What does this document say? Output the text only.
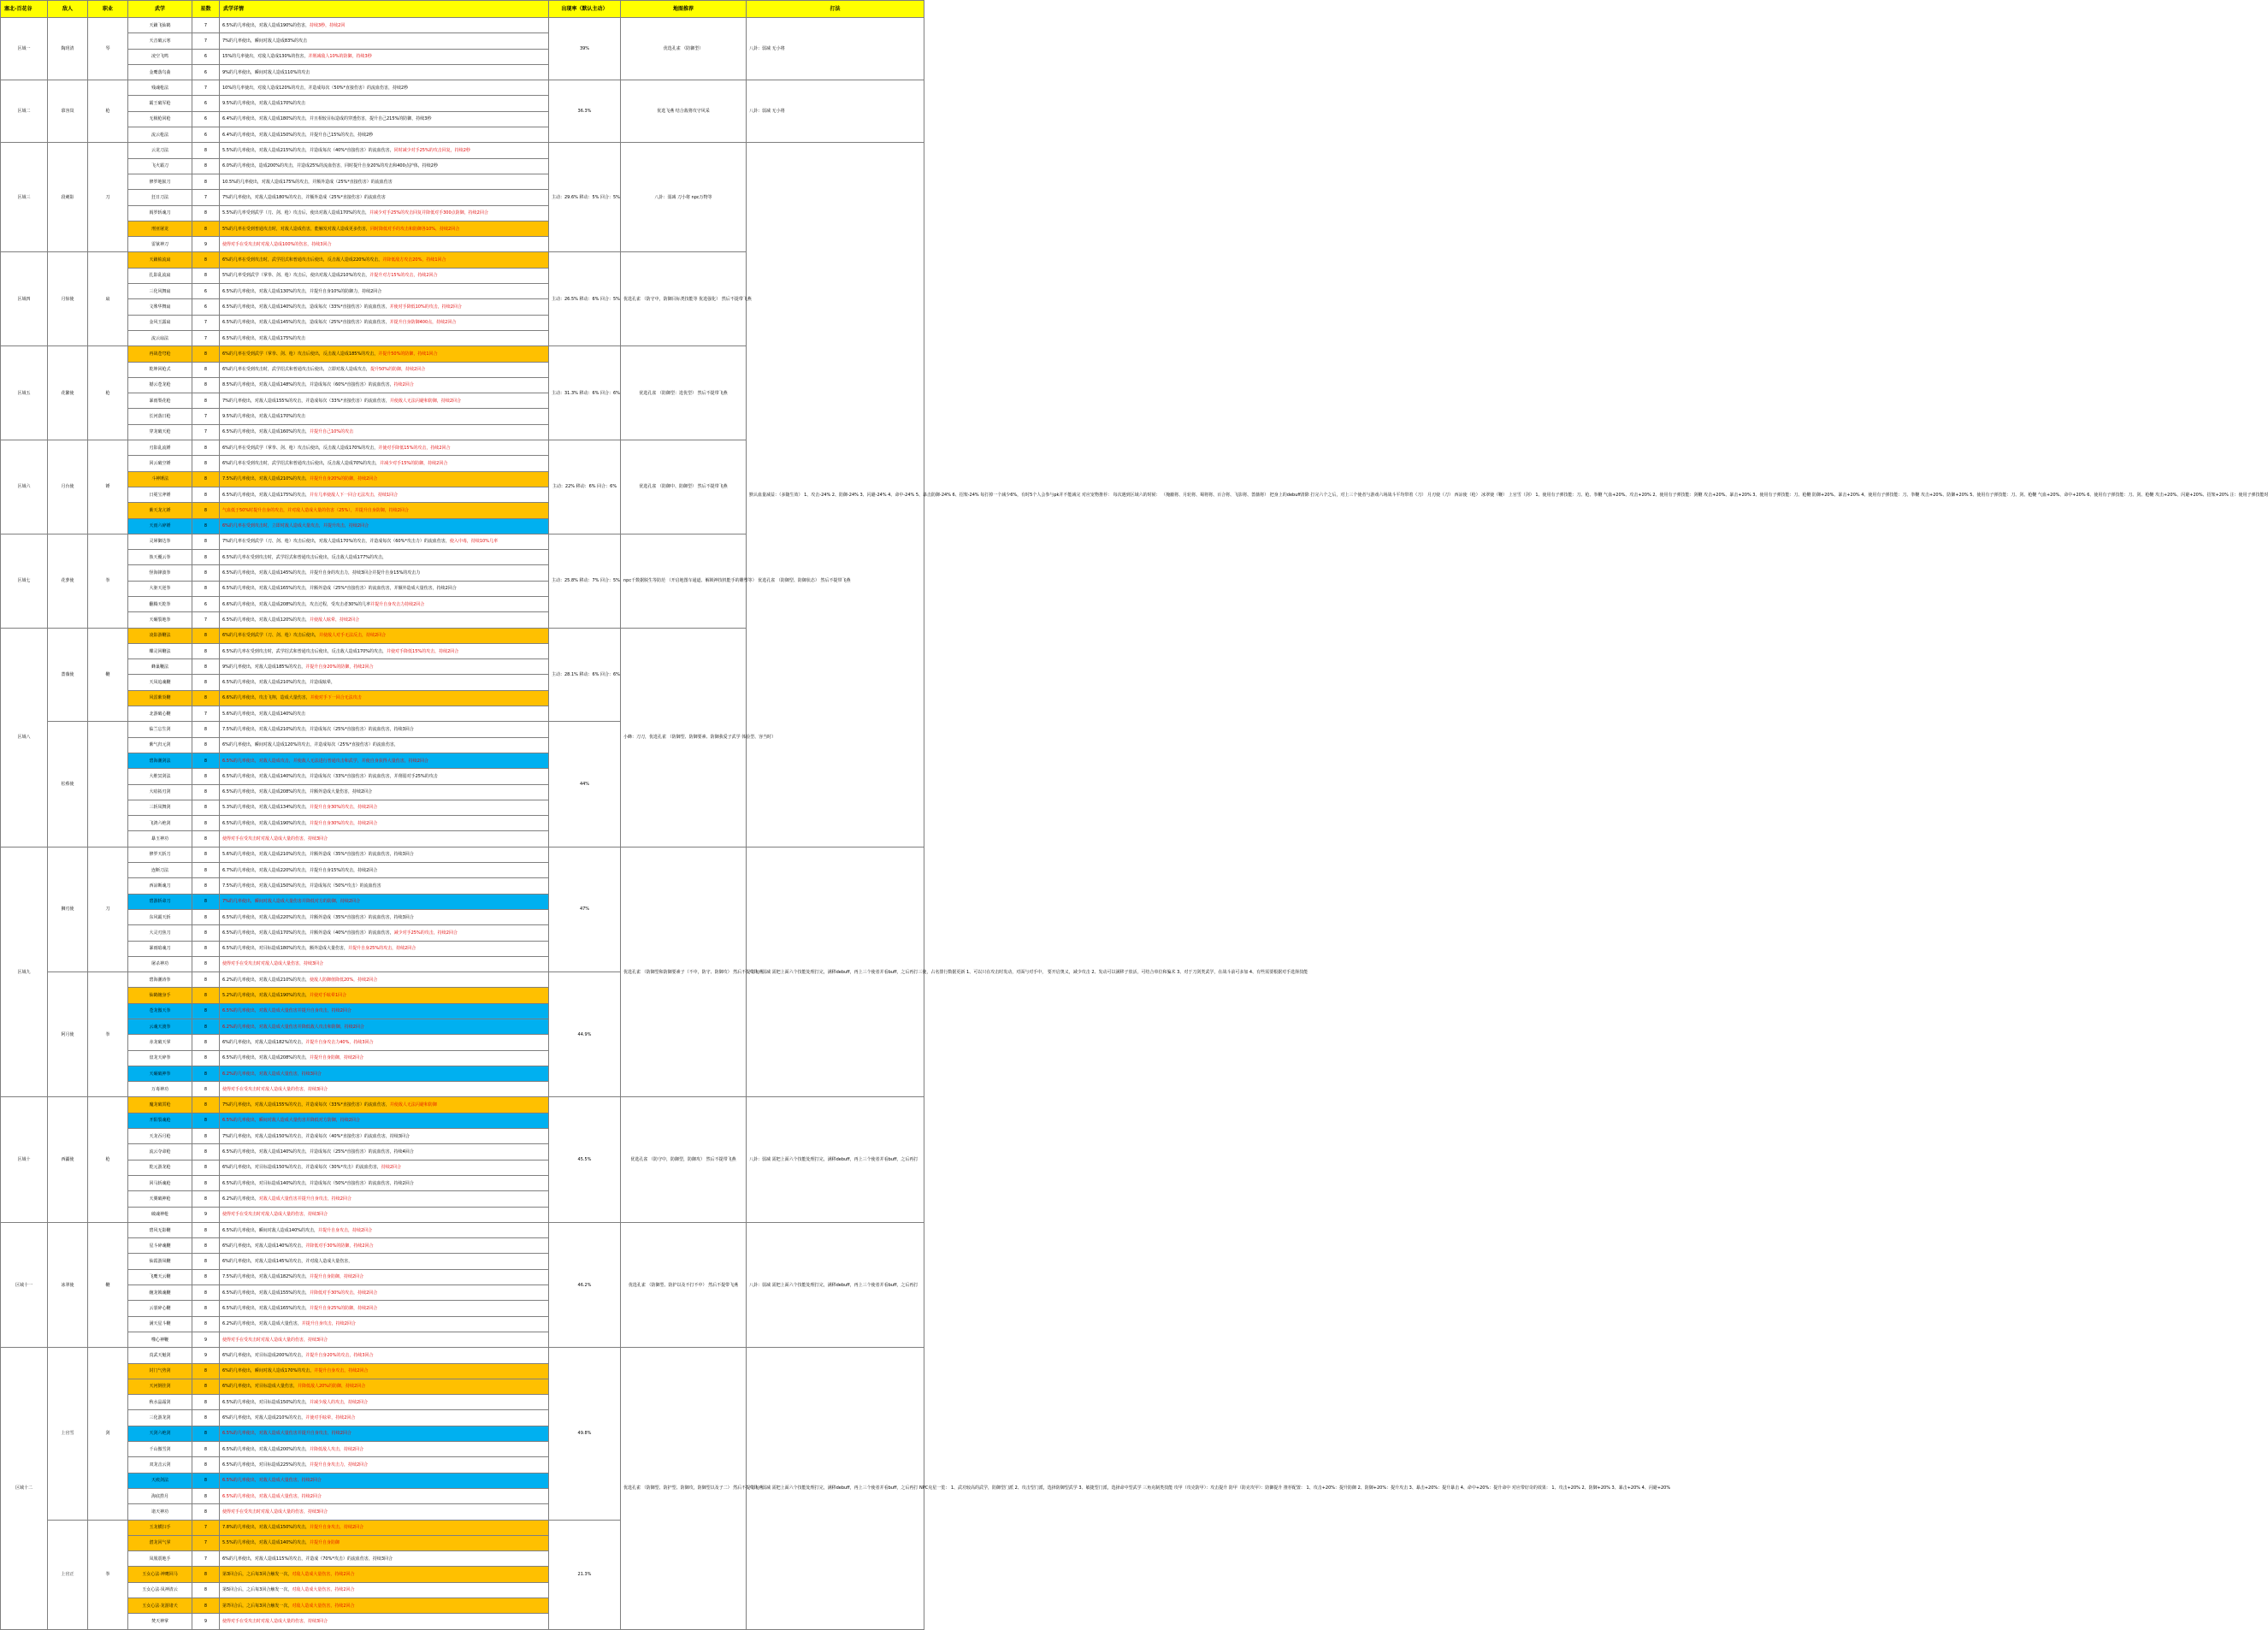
塞北-百花谷	敌人	职业	武学	星数	武学详情	出现率（默认主动）	地图推荐	打法
区域一	陶玥清	琴	天籁飞仙鹤	7	6.5%的几率使出，对敌人造成190%的伤害，持续3秒，持续2回	39%	优选孔雀 （防御型）	八卦：弱减 无小将
			天音破云寒	7	7%的几率使出，瞬间对敌人造成83%的攻击			
			凌空飞鸣	6	15%的几率使出，对敌人造成130%的伤害，并削减敌人10%的防御，持续3秒			
			金鹰落鸟曲	6	9%的几率使出，瞬间对敌人造成110%的攻击			
区域二	慕容岚	枪	残魂枪法	7	10%的几率使出，对敌人造成120%的攻击，并造成每次（50%*直接伤害）的流血伤害，持续2秒	36.3%	优选飞燕 结合敌将攻守风采	八卦：弱减 无小将
			霸王破军枪	6	9.5%的几率使出，对敌人造成170%的攻击			
			无极枪回枪	6	6.4%的几率使出，对敌人造成180%的攻击，并且相较目标造成的穿透伤害，提升自己215%的防御，持续3秒			
			流云枪法	6	6.4%的几率使出，对敌人造成150%的攻击，并提升自己15%的攻击，持续2秒			
区域三	段刺影	刀	云龙刀法	8	5.5%的几率使出，对敌人造成215%的攻击，并造成每次（40%*直接伤害）的流血伤害，同时减少对手25%的攻击回复，持续2秒	主动：29.6% 移动：5% 回合：5%	八卦：弱减 刀小将 npc万物等	默认血量减益：（多随生效） 1、攻击-24% 2、防御-24% 3、闪避-24% 4、命中-24% 5、暴击防御-24% 6、招架-24% 每打掉一个减少6%，有时5个人会参与pk并不能减完 对应宠物推荐： 每次遇到区域六的时候： （掩蔽将、月轮将、蜀将将、百合将、飞影将、蔷薇将） 把身上的debuff清除 打完六个之后，对上三个使者与游戏六场战斗平均带着（刀） 月刃使（刀） 西凉使（枪） 冰翠使（鞭） 上官雪（剑） 1、使用有子弹技能：刀、枪、拳鞭 气血+20%、攻击+20% 2、使用有子弹技能：剑鞭 攻击+20%、暴击+20% 3、使用有子弹技能：刀、枪鞭 防御+20%、暴击+20% 4、使用有子弹技能：刀、拳鞭 攻击+20%、防御+20% 5、使用有子弹技能：刀、剑、枪鞭 气血+20%、命中+20% 6、使用有子弹技能：刀、剑、枪鞭 攻击+20%、闪避+20%、招架+20% 注：使用子弹技能时
			飞火霸刀	8	6.0%的几率使出，造成200%的攻击，并造成25%的流血伤害，同时提升自身20%的攻击和400点护体，持续2秒			
			修罗地狱刀	8	10.5%的几率使出，对敌人造成175%的攻击，并额外造成（25%*直接伤害）的流血伤害			
			狂日刀法	7	7%的几率使出，对敌人造成180%的攻击，并额外造成（25%*直接伤害）的流血伤害			
			阎罗斩魂刀	8	5.5%的几率受到武学（刀、剑、枪）攻击后，使出对敌人造成170%的攻击，并减少对手25%的攻击回复并降低对手300点防御，持续2回合			
			刑亚屠龙	8	5%的几率在受到普通攻击时，对敌人造成伤害，能触发对敌人造成更多伤害，同时降低对手的攻击和防御各10%，持续2回合			
			雷狱神刀	9	使得对手在受攻击时对敌人造成100%的伤害，持续3回合			
区域四	月惊使	扇	天籁梳流扇	8	6%的几率在受到攻击时，武学招式和普通攻击后使出，反击敌人造成220%的攻击，并降低敌方攻击20%，持续1回合	主动：26.5% 移动：6% 回合：5%	优选孔雀 （防守中，防御目标类技能等 优选强化） 然后不提带飞燕	
			扎影乱流扇	8	5%的几率受到武学（掌拳、剑、枪）攻击后，使出对敌人造成210%的攻击，并提升对方15%的攻击，持续2回合			
			三化风舞扇	6	6.5%的几率使出，对敌人造成130%的攻击，并提升自身10%的防御力，持续2回合			
			文殊华舞扇	6	6.5%的几率使出，对敌人造成140%的攻击，造成每次（33%*直接伤害）的流血伤害，并使对手降低10%的攻击，持续2回合			
			金风玉露扇	7	6.5%的几率使出，对敌人造成145%的攻击，造成每次（25%*直接伤害）的流血伤害，并提升自身防御400点，持续2回合			
			流云扇法	7	6.5%的几率使出，对敌人造成175%的攻击			
区域五	花繁使	枪	再战苍穹枪	8	6%的几率在受到武学（掌拳、剑、枪）攻击后使出，反击敌人造成185%的攻击，并提升50%的防御，持续1回合	主动：31.3% 移动：6% 回合：6%	优选孔雀 （防御型：选优型） 然后不提带飞燕	
			乾坤回枪式	8	6%的几率在受到攻击时，武学招式和普通攻击后使出，立即对敌人造成攻击，提升50%的防御，持续2回合			
			撼云苍龙枪	8	8.5%的几率使出，对敌人造成148%的攻击，并造成每次（60%*直接伤害）的流血伤害，持续2回合			
			暴雨梨花枪	8	7%的几率使出，对敌人造成155%的攻击，并造成每次（33%*直接伤害）的流血伤害，并使敌人无法闪避和防御，持续2回合			
			长河落日枪	7	9.5%的几率使出，对敌人造成170%的攻击			
			穿龙破天枪	7	6.5%的几率使出，对敌人造成160%的攻击，并提升自己10%的攻击			
区域六	月台使	锤	刃影乱流锤	8	6%的几率在受到武学（掌拳、剑、枪）攻击后使出，反击敌人造成170%的攻击，并使对手降低15%的攻击，持续2回合	主动：22% 移动：6% 回合：6%	优选孔雀 （防御中、防御型） 然后不提带飞燕	
			回云破空锤	8	6%的几率在受到攻击时，武学招式和普通攻击后使出，反击敌人造成70%的攻击，并减少对手15%的防御，持续2回合			
			斗神锤法	8	7.5%的几率使出，对敌人造成210%的攻击，并提升自身20%的防御，持续2回合			
			日冕宝斧锤	8	6.5%的几率使出，对敌人造成175%的攻击，并有几率使敌人下一回合无法攻击，持续1回合			
			紫天龙亢锤	8	气血低于50%时提升自身的攻击，并对敌人造成大量的伤害（25%），并提升自身防御，持续2回合			
			天雨六碎锤	8	6%的几率在受到攻击时，立即对敌人造成大量攻击，并提升攻击，持续2回合			
区域七	花萝使	拳	灵犀御达拳	8	7%的几率在受到武学（刀、剑、枪）攻击后使出，对敌人造成170%的攻击，并造成每次（60%*攻击力）的流血伤害，使入中毒，持续10%几率	主动：25.8% 移动：7% 回合：5%	npc千数据脱生等防范 （开启地图车通道、解锁神技机能手的雕塑等） 优选孔雀 （防御型、防御状态） 然后不提带飞燕	
			蚀天覆云拳	8	6.5%的几率在受到攻击时，武学招式和普通攻击后使出，反击敌人造成177%的攻击，			
			怪海锋波拳	8	6.5%的几率使出，对敌人造成145%的攻击，并提升自身的攻击力，持续3回合并提升自身15%的攻击力			
			大驱天逆拳	8	6.5%的几率使出，对敌人造成165%的攻击，并额外造成（25%*直接伤害）的流血伤害，并额外造成大量伤害，持续2回合			
			翻腾天乾拳	6	6.6%的几率使出，对敌人造成208%的攻击，攻击过程，受攻击者30%的几率并提升自身攻击力持续2回合			
			天碾裂地拳	7	6.5%的几率使出，对敌人造成120%的攻击，并使敌人眩晕，持续2回合			
区域八	蔷薇使	鞭	凌影游鞭法	8	6%的几率在受到武学（刀、剑、枪）攻击后使出，并使敌人对手无法反击，持续2回合	主动：28.1% 移动：6% 回合：6%	小蜂：刀刀，优选孔雀 （防御型、防御要素、防御我爱子武学 体验型、容当时）	
			蝶灵回鞭法	8	6.5%的几率在受到攻击时，武学招式和普通攻击后使出，反击敌人造成170%的攻击，并使对手降低15%的攻击，持续2回合			
			蜂巢鞭法	8	9%的几率使出，对敌人造成185%的攻击，并提升自身20%的防御，持续2回合			
			天凤追魂鞭	8	6.5%的几率使出，对敌人造成210%的攻击，并造成眩晕，			
			风雷紫炎鞭	8	6.6%的几率使出，攻击飞翔，造成大量伤害，并使对手下一回合无法攻击			
			北游破心鞭	7	5.6%的几率使出，对敌人造成140%的攻击			
	松蔡使		临兰忘生剑	8	7.5%的几率使出，对敌人造成210%的攻击，并造成每次（25%*直接伤害）的流血伤害，持续3回合	44%		
			紫气归元剑	8	6%的几率使出，瞬间对敌人造成120%的攻击，并造成每次（25%*直接伤害）的流血伤害，			
			碧海潮剑法	8	6.5%的几率使出，对敌人造成攻击，并使敌人无法进行普通攻击和武学，并使自身获得大量伤害，持续2回合			
			大维冥剑法	8	6.5%的几率使出，对敌人造成140%的攻击，并造成每次（33%*直接伤害）的流血伤害，并削弱对手25%的攻击			
			大喑拓刃剑	8	6.5%的几率使出，对敌人造成208%的攻击，并额外造成大量伤害，持续2回合			
			三斩凤舞剑	8	5.3%的几率使出，对敌人造成134%的攻击，并提升自身30%的攻击，持续2回合			
			飞鸿六绝剑	8	6.5%的几率使出，对敌人造成190%的攻击，并提升自身30%的攻击，持续2回合			
			暴玉神功	8	使得对手在受攻击时对敌人造成大量的伤害，持续3回合			
区域九	狮刃使	刀	修罗天斩刀	8	5.6%的几率使出，对敌人造成210%的攻击，并额外造成（35%*直接伤害）的流血伤害，持续3回合	47%	优选孔雀 （防御型和防御要素子（不中，防守、防御攻） 然后不提带飞燕	八卦：弱减 需把上面六个技能处理打完，满移debuff，再上三个使者并看buff，之后再打三使，占名排行数据更新 1、可以只在攻击时发动，对面与对手中， 要开启奥义，减少攻击 2、发动可以满移子放活，可结合单位和骗术 3、对于刀剑类武学，在战斗前可多加 4、有些需要根据对手选择技能
			连断刀法	8	6.7%的几率使出，对敌人造成220%的攻击，并提升自身15%的攻击，持续2回合			
			西凉断魂刀	8	7.5%的几率使出，对敌人造成150%的攻击，并造成每次（50%*攻击）的流血伤害			
			碧游斩命刀	8	7%的几率使出，瞬间对敌人造成大量伤害并降低对方的防御，持续2回合			
			东风霸天斩	8	6.5%的几率使出，对敌人造成220%的攻击，并额外造成（35%*直接伤害）的流血伤害，持续3回合			
			大灵刃焦刀	8	6.5%的几率使出，对敌人造成170%的攻击，并额外造成（40%*直接伤害）的流血伤害，减少对手25%的攻击，持续2回合			
			暴雨暗魂刀	8	6.5%的几率使出，对目标造成180%的攻击，额外造成大量伤害，并提升自身25%的攻击，持续2回合			
			屠杀神功	8	使得对手在受攻击时对敌人造成大量伤害，持续3回合			
	阿月使	拳	碧海潮涛拳	8	6.2%的几率使出，对敌人造成210%的攻击，使敌人防御值降低20%，持续2回合	44.9%		
			仙鹤缠身手	8	5.2%的几率使出，对敌人造成190%的攻击，并使对手眩晕1回合			
			苍龙傲天拳	8	6.5%的几率使出，对敌人造成大量伤害并提升自身攻击，持续2回合			
			云魂天渡拳	8	6.2%的几率使出，对敌人造成大量伤害并降低敌人攻击和防御，持续2回合			
			赤龙破天掌	8	6%的几率使出，对敌人造成182%的攻击，并提升自身攻击力40%，持续3回合			
			盘龙天碎拳	8	6.5%的几率使出，对敌人造成208%的攻击，并提升自身防御，持续2回合			
			天碾破神拳	8	6.2%的几率使出，对敌人造成大量伤害，持续3回合			
			万毒神功	8	使得对手在受攻击时对敌人造成大量的伤害，持续3回合			
区域十	西疆使	枪	魔龙破霄枪	8	7%的几率使出，对敌人造成155%的攻击，并造成每次（33%*直接伤害）的流血伤害，并使敌人无法闪避和防御	45.5%	优选孔雀 （防守中，防御型，防御攻） 然后不提带飞燕	八卦：弱减 需把上面六个技能处理打完，满移debuff，再上三个使者并看buff，之后再打
			开阳裂魂枪	8	6.5%的几率使出，瞬间对敌人造成大量伤害并降低对方防御，持续2回合			
			天龙吞月枪	8	7%的几率使出，对敌人造成150%的攻击，并造成每次（40%*直接伤害）的流血伤害，持续3回合			
			流云夺命枪	8	6.5%的几率使出，对敌人造成140%的攻击，并造成每次（25%*直接伤害）的流血伤害，持续4回合			
			乾元游龙枪	8	6%的几率使出，对目标造成150%的攻击，并造成每次（30%*攻击）的流血伤害，持续2回合			
			回马斩魂枪	8	6.5%的几率使出，对目标造成140%的攻击，并造成每次（50%*直接伤害）的流血伤害，持续2回合			
			天翼破神枪	8	6.2%的几率使出，对敌人造成大量伤害并提升自身攻击，持续2回合			
			破魂神枪	9	使得对手在受攻击时对敌人造成大量的伤害，持续3回合			
区域十一	冰翠使	鞭	碧风无影鞭	8	6.5%的几率使出，瞬间对敌人造成140%的攻击，并提升自身攻击，持续2回合	46.2%	优选孔雀 （防御型、防护以及不打不中） 然后不提带飞燕	八卦：弱减 需把上面六个技能处理打完，满移debuff，再上三个使者并看buff，之后再打
			星斗碎魂鞭	8	6%的几率使出，对敌人造成140%的攻击，并降低对手30%的防御，持续2回合			
			仙霞游凤鞭	8	6%的几率使出，对敌人造成145%的攻击，并对敌人造成大量伤害，			
			飞鹰天云鞭	8	7.5%的几率使出，对敌人造成182%的攻击，并提升自身防御，持续2回合			
			缠龙锁魂鞭	8	6.5%的几率使出，对敌人造成155%的攻击，并降低对手30%的攻击，持续2回合			
			云裳碎心鞭	8	6.5%的几率使出，对敌人造成165%的攻击，并提升自身25%的防御，持续2回合			
			满天星斗鞭	8	6.2%的几率使出，对敌人造成大量伤害，并提升自身攻击，持续2回合			
			噬心神鞭	9	使得对手在受攻击时对敌人造成大量的伤害，持续3回合			
区域十二	上官雪	剑	真武天魁剑	9	6%的几率使出，对目标造成200%的攻击，并提升自身20%的攻击，持续3回合	49.8%	优选孔雀 （防御型、防护型、防御攻，防御型以及子二） 然后不提带飞燕	八卦：弱减 需把上面六个技能处理打完，满移debuff，再上三个使者并看buff，之后再打 NPC克星一览： 1、武功较高的武学，防御型门派 2、攻击型门派，选择防御型武学 3、敏捷型门派，选择命中型武学 三角克制类技能 攻甲（攻克防甲）：攻击提升 防甲（防克攻甲）：防御提升 推荐配置： 1、攻击+20%：提升防御 2、防御+20%：提升攻击 3、暴击+20%：提升暴击 4、命中+20%：提升命中 对应带好奇的效果： 1、攻击+20% 2、防御+20% 3、暴击+20% 4、闪避+20%
			封门气势剑	8	6%的几率使出，瞬间对敌人造成170%的攻击，并提升自身攻击，持续2回合			
			天河倒挂剑	8	6%的几率使出，对目标造成大量伤害，并降低敌人20%的防御，持续2回合			
			秋水晶霜剑	8	6.5%的几率使出，对目标造成150%的攻击，并减少敌人的攻击，持续2回合			
			三化游龙剑	8	6%的几率使出，对敌人造成210%的攻击，并使对手眩晕，持续2回合			
			天剑六绝剑	8	6.5%的几率使出，对敌人造成大量伤害并提升自身攻击，持续2回合			
			千山傲雪剑	8	6.5%的几率使出，对敌人造成200%的攻击，并降低敌人攻击，持续2回合			
			双龙击云剑	8	6.5%的几率使出，对目标造成225%的攻击，并提升自身攻击力，持续2回合			
			天痕剑法	8	6.5%的几率使出，对敌人造成大量伤害，持续2回合			
			海底捞月	8	6.5%的几率使出，对敌人造成大量伤害，持续2回合			
			诸天神功	8	使得对手在受攻击时对敌人造成大量的伤害，持续3回合			
	上官正	拳	玉龙横扫手	7	7.8%的几率使出，对敌人造成150%的攻击，并提升自身攻击，持续2回合	21.3%		
			潜龙回气掌	7	5.5%的几率使出，对敌人造成140%的攻击，并提升自身防御			
			凤凰震地手	7	6%的几率使出，对敌人造成115%的攻击，并造成（70%*攻击）的流血伤害，持续3回合			
			玉女心法·神鹰回马	8	第3回合后，之后每3回合触发一次，对敌人造成大量伤害，持续2回合			
			玉女心法·凤神清云	8	第5回合后，之后每3回合触发一次，对敌人造成大量伤害，持续2回合			
			玉女心法·龙游诸天	8	第7回合后，之后每3回合触发一次，对敌人造成大量伤害，持续2回合			
			焚天神掌	9	使得对手在受攻击时对敌人造成大量的伤害，持续3回合			
